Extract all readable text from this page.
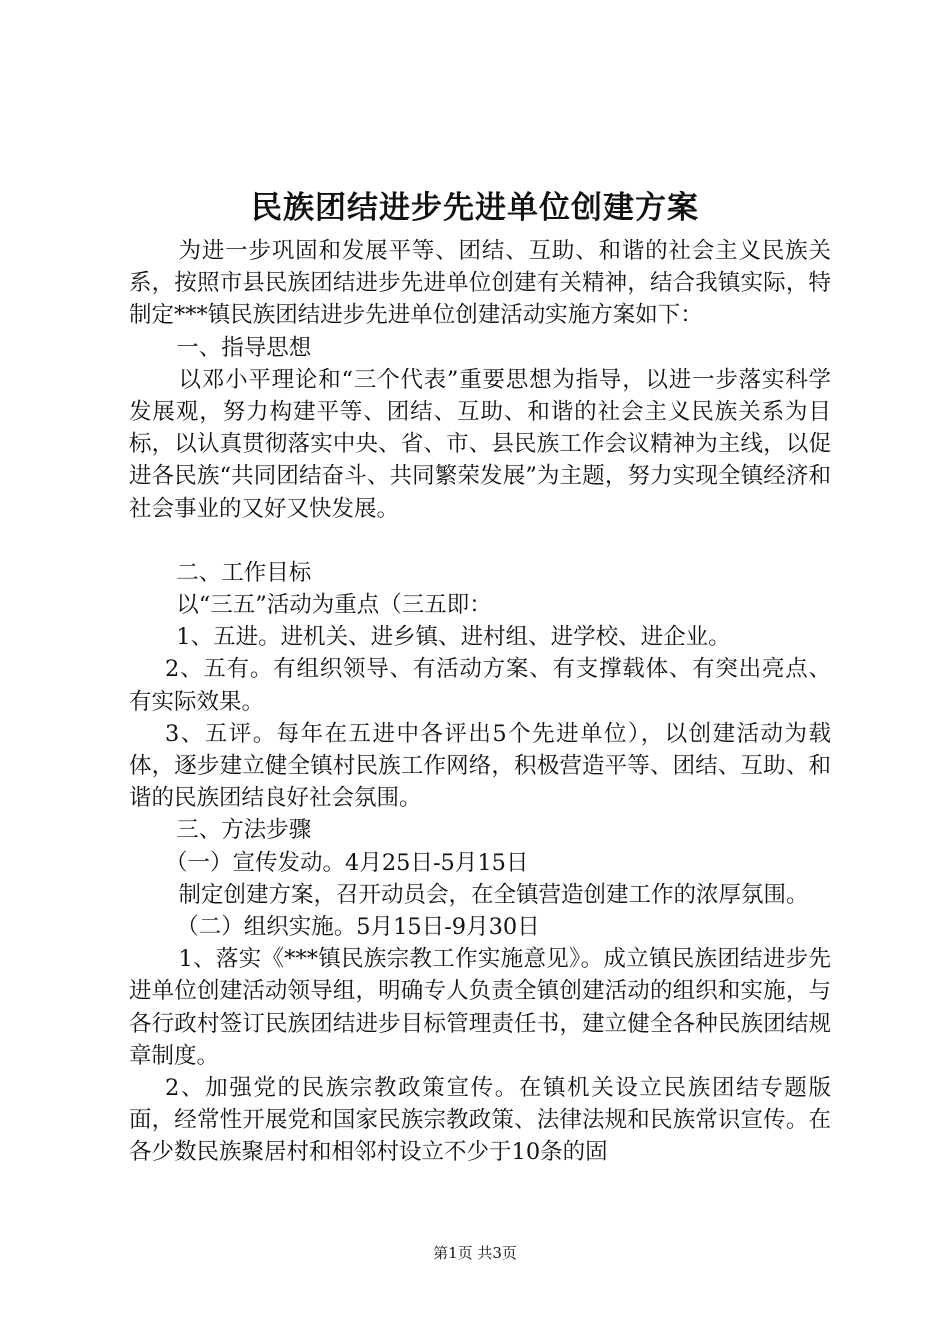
民族团结进步先进单位创建方案

为进一步巩固和发展平等、团结、互助、和谐的社会主义民族关系，按照市县民族团结进步先进单位创建有关精神，结合我镇实际，特制定***镇民族团结进步先进单位创建活动实施方案如下：

一、指导思想

以邓小平理论和“三个代表”重要思想为指导，以进一步落实科学发展观，努力构建平等、团结、互助、和谐的社会主义民族关系为目标，以认真贯彻落实中央、省、市、县民族工作会议精神为主线，以促进各民族“共同团结奋斗、共同繁荣发展”为主题，努力实现全镇经济和社会事业的又好又快发展。

二、工作目标

以“三五”活动为重点（三五即：

1、五进。进机关、进乡镇、进村组、进学校、进企业。

2、五有。有组织领导、有活动方案、有支撑载体、有突出亮点、有实际效果。

3、五评。每年在五进中各评出5个先进单位），以创建活动为载体，逐步建立健全镇村民族工作网络，积极营造平等、团结、互助、和谐的民族团结良好社会氛围。

三、方法步骤

（一）宣传发动。4月25日-5月15日

制定创建方案，召开动员会，在全镇营造创建工作的浓厚氛围。

（二）组织实施。5月15日-9月30日

1、落实《***镇民族宗教工作实施意见》。成立镇民族团结进步先进单位创建活动领导组，明确专人负责全镇创建活动的组织和实施，与各行政村签订民族团结进步目标管理责任书，建立健全各种民族团结规章制度。

2、加强党的民族宗教政策宣传。在镇机关设立民族团结专题版面，经常性开展党和国家民族宗教政策、法律法规和民族常识宣传。在各少数民族聚居村和相邻村设立不少于10条的固

第1页 共3页
